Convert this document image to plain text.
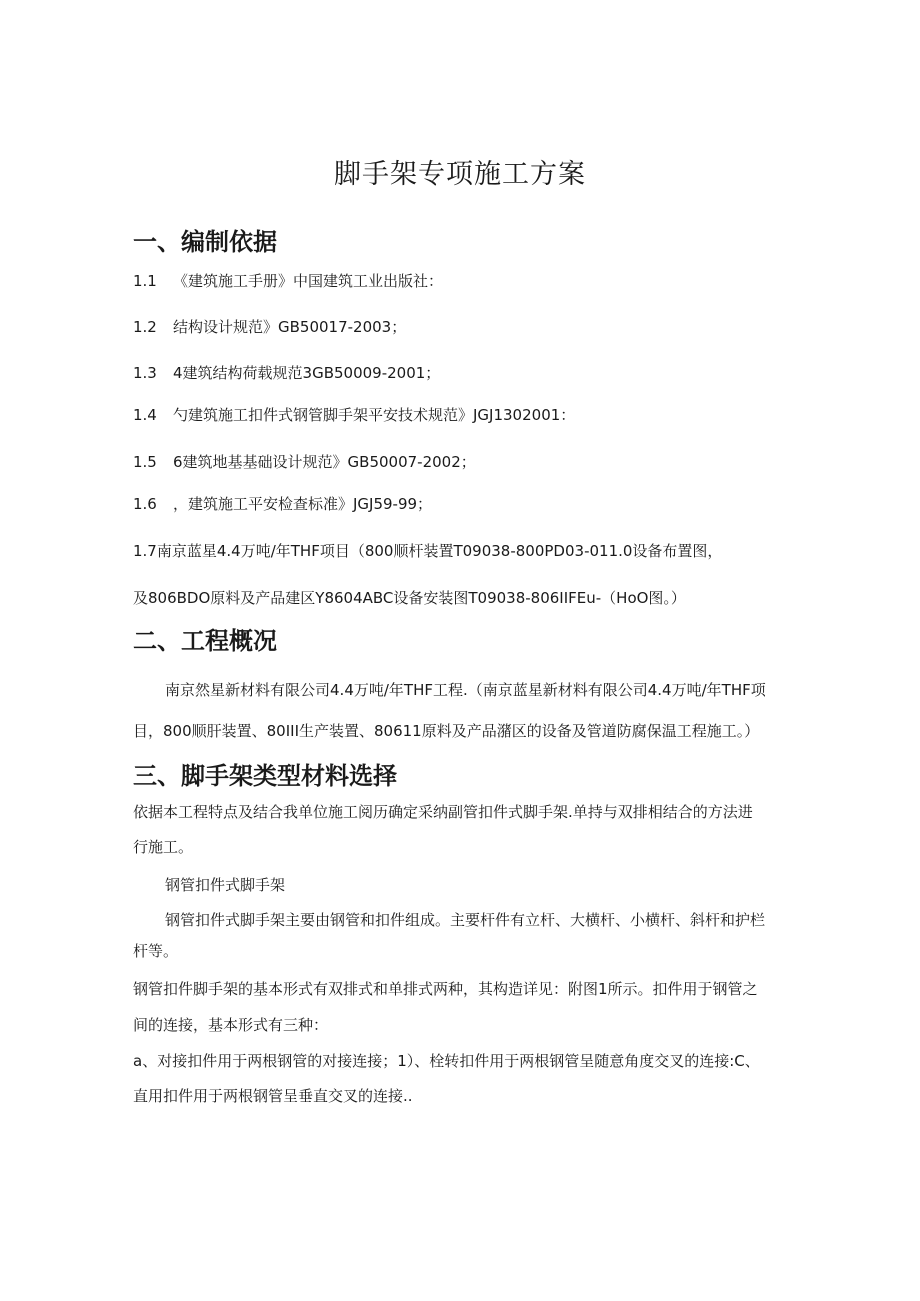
脚手架专项施工方案
一、编制依据
1.1 《建筑施工手册》中国建筑工业出版社：
1.2 结构设计规范》GB50017-2003；
1.3 4建筑结构荷载规范3GB50009-2001；
1.4 勺建筑施工扣件式钢管脚手架平安技术规范》JGJ1302001：
1.5 6建筑地基基础设计规范》GB50007-2002；
1.6 ，建筑施工平安检查标准》JGJ59-99；
1.7南京蓝星4.4万吨/年THF项目（800顺杆装置T09038-800PD03-011.0设备布置图，
及806BDO原料及产品建区Y8604ABC设备安装图T09038-806IIFEu-（HoO图。）
二、工程概况
南京然星新材料有限公司4.4万吨/年THF工程.（南京蓝星新材料有限公司4.4万吨/年THF项
目，800顺肝装置、80III生产装置、80611原料及产品潴区的设备及管道防腐保温工程施工。）
三、脚手架类型材料选择
依据本工程特点及结合我单位施工阅历确定采纳副管扣件式脚手架.单持与双排相结合的方法进
行施工。
钢管扣件式脚手架
钢管扣件式脚手架主要由钢管和扣件组成。主要杆件有立杆、大横杆、小横杆、斜杆和护栏
杆等。
钢管扣件脚手架的基本形式有双排式和单排式两种，其构造详见：附图1所示。扣件用于钢管之
间的连接，基本形式有三种：
a、对接扣件用于两根钢管的对接连接；1）、栓转扣件用于两根钢管呈随意角度交叉的连接:C、
直用扣件用于两根钢管呈垂直交叉的连接..
